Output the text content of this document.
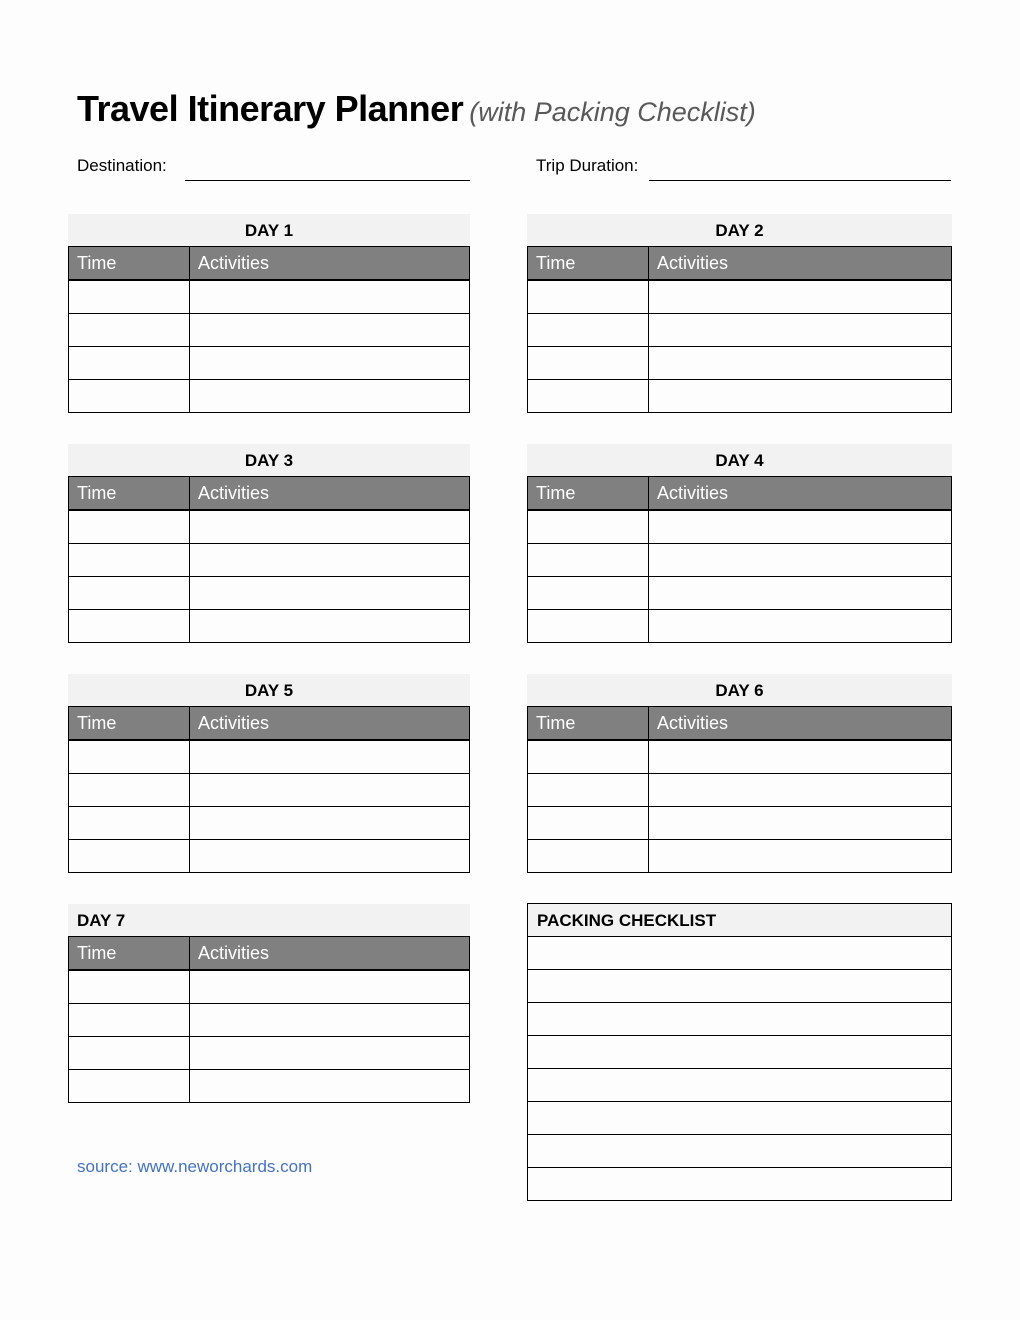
Travel Itinerary Planner (with Packing Checklist)
Destination:	Trip Duration:
DAY 1
Time	Activities
DAY 2
Time	Activities
DAY 3
Time	Activities
DAY 4
Time	Activities
DAY 5
Time	Activities
DAY 6
Time	Activities
DAY 7
Time	Activities
PACKING CHECKLIST
source: www.neworchards.com
